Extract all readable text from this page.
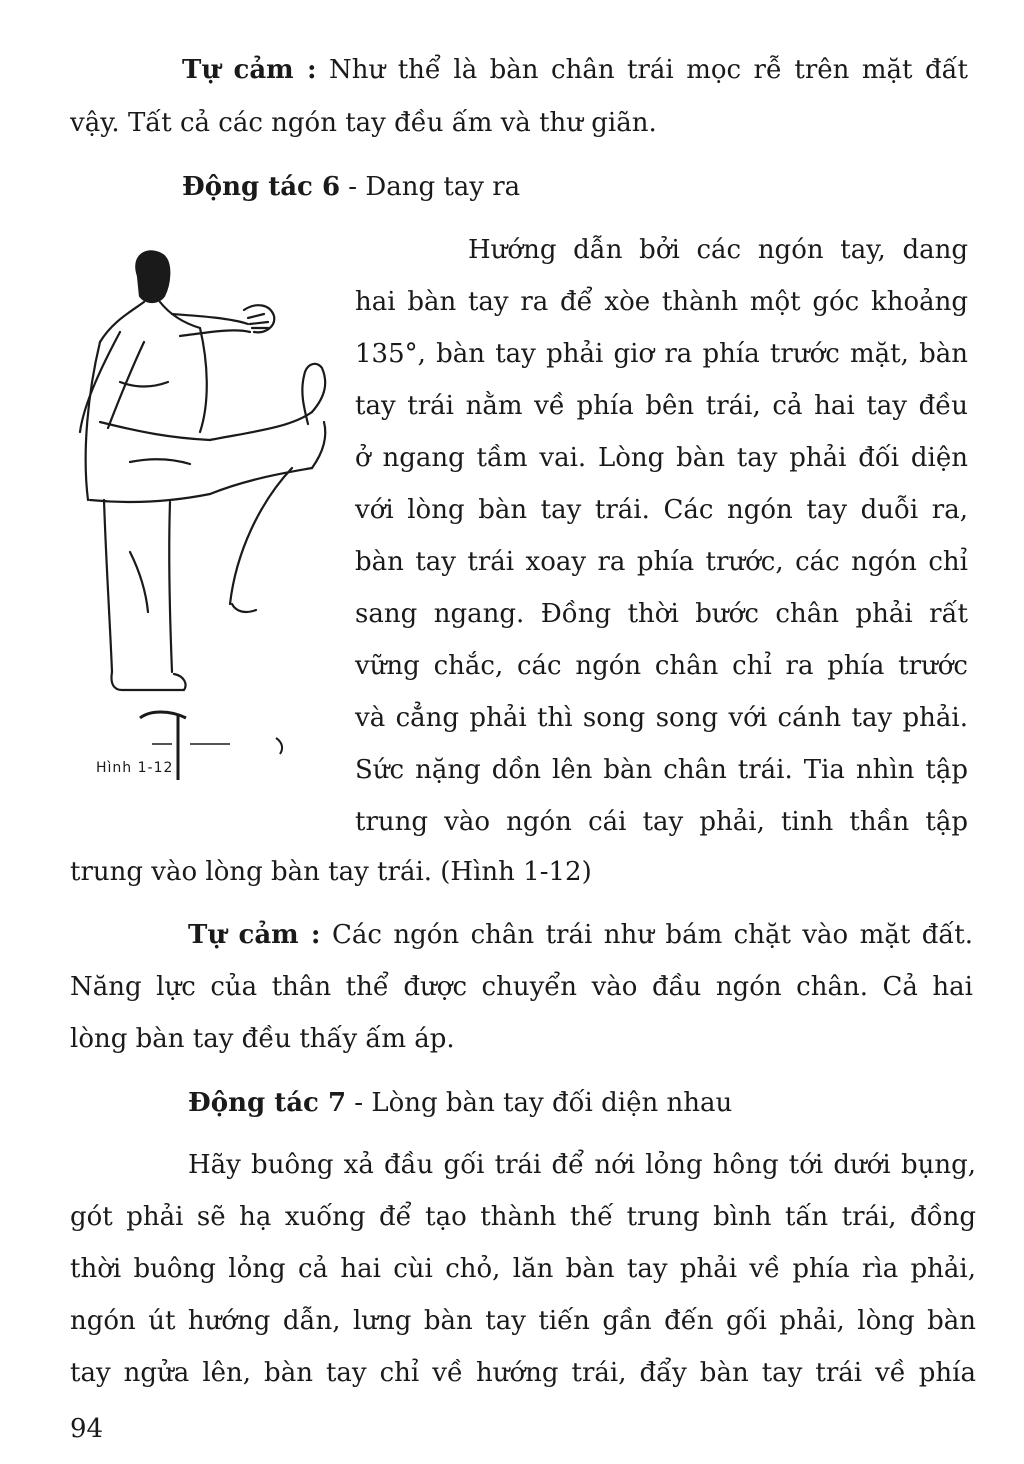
Tự cảm : Như thể là bàn chân trái mọc rễ trên mặt đất
vậy. Tất cả các ngón tay đều ấm và thư giãn.
Động tác 6 - Dang tay ra
Hình 1-12
Hướng dẫn bởi các ngón tay, dang
hai bàn tay ra để xòe thành một góc khoảng
135°, bàn tay phải giơ ra phía trước mặt, bàn
tay trái nằm về phía bên trái, cả hai tay đều
ở ngang tầm vai. Lòng bàn tay phải đối diện
với lòng bàn tay trái. Các ngón tay duỗi ra,
bàn tay trái xoay ra phía trước, các ngón chỉ
sang ngang. Đồng thời bước chân phải rất
vững chắc, các ngón chân chỉ ra phía trước
và cẳng phải thì song song với cánh tay phải.
Sức nặng dồn lên bàn chân trái. Tia nhìn tập
trung vào ngón cái tay phải, tinh thần tập
trung vào lòng bàn tay trái. (Hình 1-12)
Tự cảm : Các ngón chân trái như bám chặt vào mặt đất.
Năng lực của thân thể được chuyển vào đầu ngón chân. Cả hai
lòng bàn tay đều thấy ấm áp.
Động tác 7 - Lòng bàn tay đối diện nhau
Hãy buông xả đầu gối trái để nới lỏng hông tới dưới bụng,
gót phải sẽ hạ xuống để tạo thành thế trung bình tấn trái, đồng
thời buông lỏng cả hai cùi chỏ, lăn bàn tay phải về phía rìa phải,
ngón út hướng dẫn, lưng bàn tay tiến gần đến gối phải, lòng bàn
tay ngửa lên, bàn tay chỉ về hướng trái, đẩy bàn tay trái về phía
94
